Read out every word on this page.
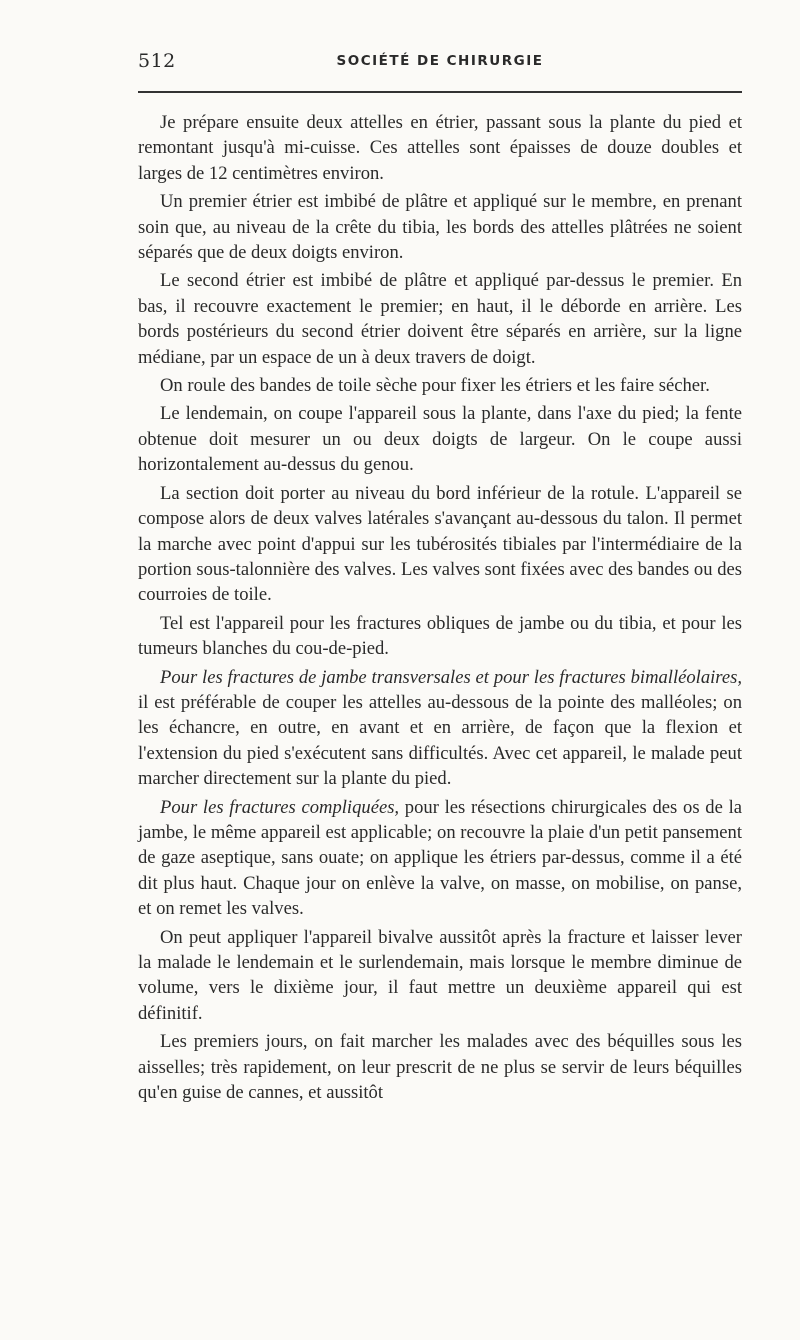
512	SOCIÉTÉ DE CHIRURGIE

Je prépare ensuite deux attelles en étrier, passant sous la plante du pied et remontant jusqu'à mi-cuisse. Ces attelles sont épaisses de douze doubles et larges de 12 centimètres environ.

Un premier étrier est imbibé de plâtre et appliqué sur le membre, en prenant soin que, au niveau de la crête du tibia, les bords des attelles plâtrées ne soient séparés que de deux doigts environ.

Le second étrier est imbibé de plâtre et appliqué par-dessus le premier. En bas, il recouvre exactement le premier; en haut, il le déborde en arrière. Les bords postérieurs du second étrier doivent être séparés en arrière, sur la ligne médiane, par un espace de un à deux travers de doigt.

On roule des bandes de toile sèche pour fixer les étriers et les faire sécher.

Le lendemain, on coupe l'appareil sous la plante, dans l'axe du pied; la fente obtenue doit mesurer un ou deux doigts de largeur. On le coupe aussi horizontalement au-dessus du genou.

La section doit porter au niveau du bord inférieur de la rotule. L'appareil se compose alors de deux valves latérales s'avançant au-dessous du talon. Il permet la marche avec point d'appui sur les tubérosités tibiales par l'intermédiaire de la portion sous-talonnière des valves. Les valves sont fixées avec des bandes ou des courroies de toile.

Tel est l'appareil pour les fractures obliques de jambe ou du tibia, et pour les tumeurs blanches du cou-de-pied.

Pour les fractures de jambe transversales et pour les fractures bimalléolaires, il est préférable de couper les attelles au-dessous de la pointe des malléoles; on les échancre, en outre, en avant et en arrière, de façon que la flexion et l'extension du pied s'exécutent sans difficultés. Avec cet appareil, le malade peut marcher directement sur la plante du pied.

Pour les fractures compliquées, pour les résections chirurgicales des os de la jambe, le même appareil est applicable; on recouvre la plaie d'un petit pansement de gaze aseptique, sans ouate; on applique les étriers par-dessus, comme il a été dit plus haut. Chaque jour on enlève la valve, on masse, on mobilise, on panse, et on remet les valves.

On peut appliquer l'appareil bivalve aussitôt après la fracture et laisser lever la malade le lendemain et le surlendemain, mais lorsque le membre diminue de volume, vers le dixième jour, il faut mettre un deuxième appareil qui est définitif.

Les premiers jours, on fait marcher les malades avec des béquilles sous les aisselles; très rapidement, on leur prescrit de ne plus se servir de leurs béquilles qu'en guise de cannes, et aussitôt
